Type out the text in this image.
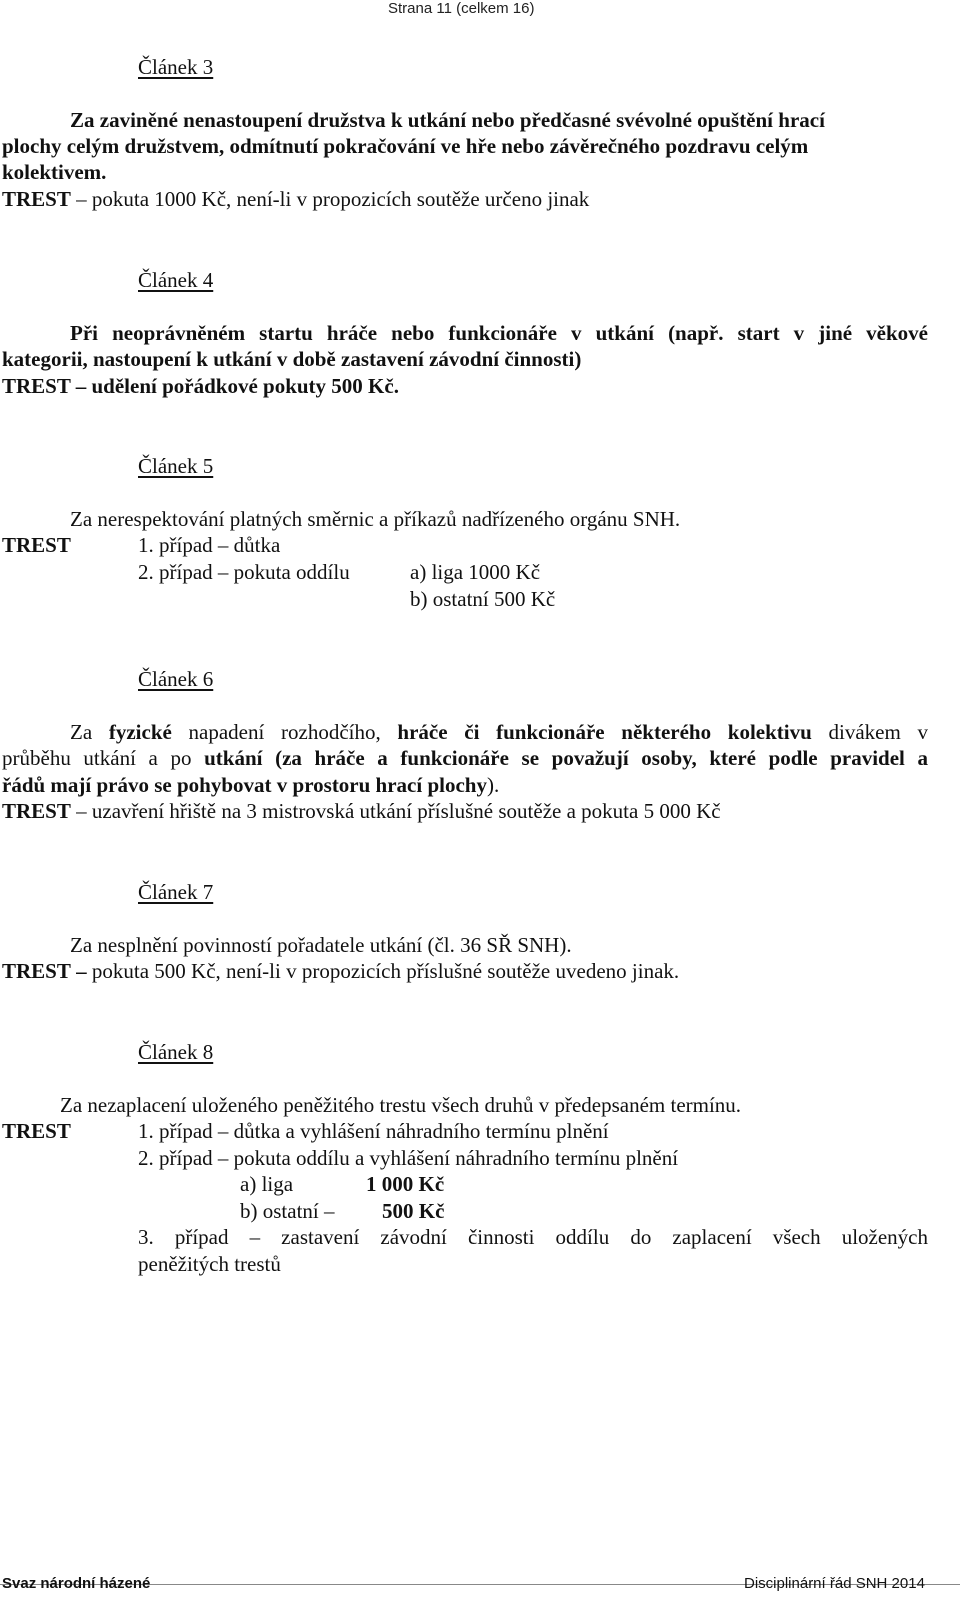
Strana 11 (celkem 16)
Článek 3
Za zaviněné nenastoupení družstva k utkání nebo předčasné svévolné opuštění hrací
plochy celým družstvem, odmítnutí pokračování ve hře nebo závěrečného pozdravu celým
kolektivem.
TREST – pokuta 1000 Kč, není-li v propozicích soutěže určeno jinak
Článek 4
Při neoprávněném startu hráče nebo funkcionáře v utkání (např. start v jiné věkové
kategorii, nastoupení k utkání v době zastavení závodní činnosti)
TREST – udělení pořádkové pokuty 500 Kč.
Článek 5
Za nerespektování platných směrnic a příkazů nadřízeného orgánu SNH.
TREST	1. případ – důtka
2. případ – pokuta oddílu	a) liga 1000 Kč
b) ostatní 500 Kč
Článek 6
Za fyzické napadení rozhodčího, hráče či funkcionáře některého kolektivu divákem v
průběhu utkání a po utkání (za hráče a funkcionáře se považují osoby, které podle pravidel a
řádů mají právo se pohybovat v prostoru hrací plochy).
TREST – uzavření hřiště na 3 mistrovská utkání příslušné soutěže a pokuta 5 000 Kč
Článek 7
Za nesplnění povinností pořadatele utkání (čl. 36 SŘ SNH).
TREST – pokuta 500 Kč, není-li v propozicích příslušné soutěže uvedeno jinak.
Článek 8
Za nezaplacení uloženého peněžitého trestu všech druhů v předepsaném termínu.
TREST	1. případ – důtka a vyhlášení náhradního termínu plnění
2. případ – pokuta oddílu a vyhlášení náhradního termínu plnění
a) liga	1 000 Kč
b) ostatní – 500 Kč
3. případ – zastavení závodní činnosti oddílu do zaplacení všech uložených
peněžitých trestů
Svaz národní házené	Disciplinární řád SNH 2014
